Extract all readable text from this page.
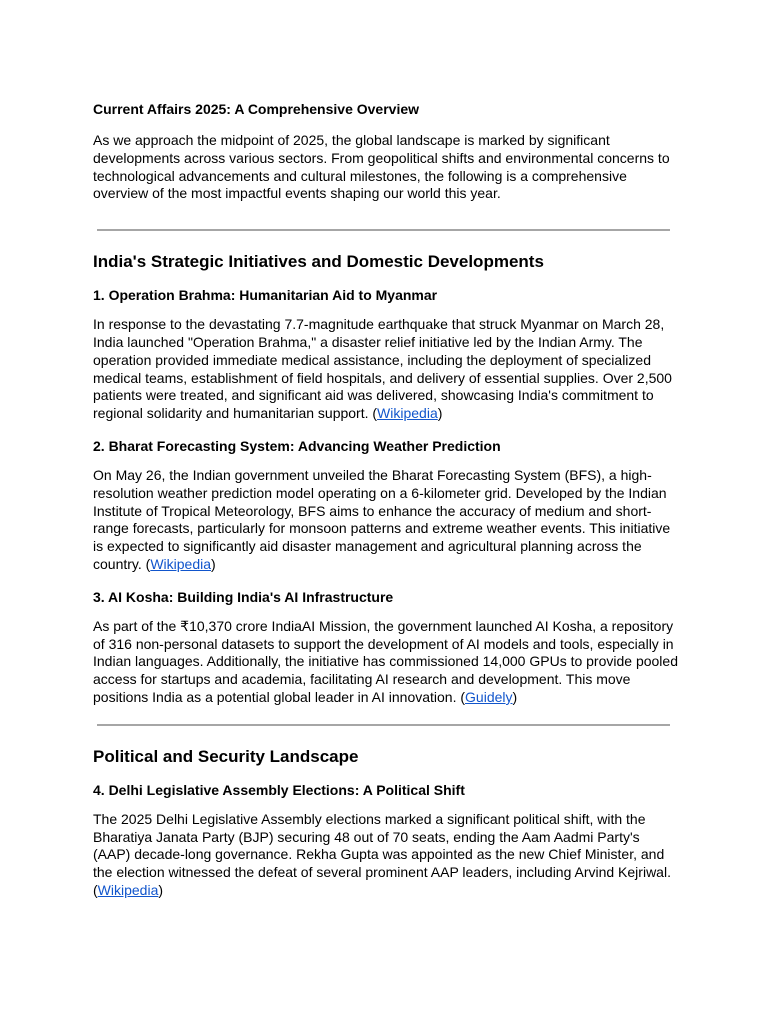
Current Affairs 2025: A Comprehensive Overview

As we approach the midpoint of 2025, the global landscape is marked by significant developments across various sectors. From geopolitical shifts and environmental concerns to technological advancements and cultural milestones, the following is a comprehensive overview of the most impactful events shaping our world this year.

India's Strategic Initiatives and Domestic Developments
1. Operation Brahma: Humanitarian Aid to Myanmar

In response to the devastating 7.7-magnitude earthquake that struck Myanmar on March 28, India launched "Operation Brahma," a disaster relief initiative led by the Indian Army. The operation provided immediate medical assistance, including the deployment of specialized medical teams, establishment of field hospitals, and delivery of essential supplies. Over 2,500 patients were treated, and significant aid was delivered, showcasing India's commitment to regional solidarity and humanitarian support. (Wikipedia)

2. Bharat Forecasting System: Advancing Weather Prediction

On May 26, the Indian government unveiled the Bharat Forecasting System (BFS), a high-resolution weather prediction model operating on a 6-kilometer grid. Developed by the Indian Institute of Tropical Meteorology, BFS aims to enhance the accuracy of medium and short-range forecasts, particularly for monsoon patterns and extreme weather events. This initiative is expected to significantly aid disaster management and agricultural planning across the country. (Wikipedia)

3. AI Kosha: Building India's AI Infrastructure

As part of the ₹10,370 crore IndiaAI Mission, the government launched AI Kosha, a repository of 316 non-personal datasets to support the development of AI models and tools, especially in Indian languages. Additionally, the initiative has commissioned 14,000 GPUs to provide pooled access for startups and academia, facilitating AI research and development. This move positions India as a potential global leader in AI innovation. (Guidely)

Political and Security Landscape
4. Delhi Legislative Assembly Elections: A Political Shift

The 2025 Delhi Legislative Assembly elections marked a significant political shift, with the Bharatiya Janata Party (BJP) securing 48 out of 70 seats, ending the Aam Aadmi Party's (AAP) decade-long governance. Rekha Gupta was appointed as the new Chief Minister, and the election witnessed the defeat of several prominent AAP leaders, including Arvind Kejriwal. (Wikipedia)
